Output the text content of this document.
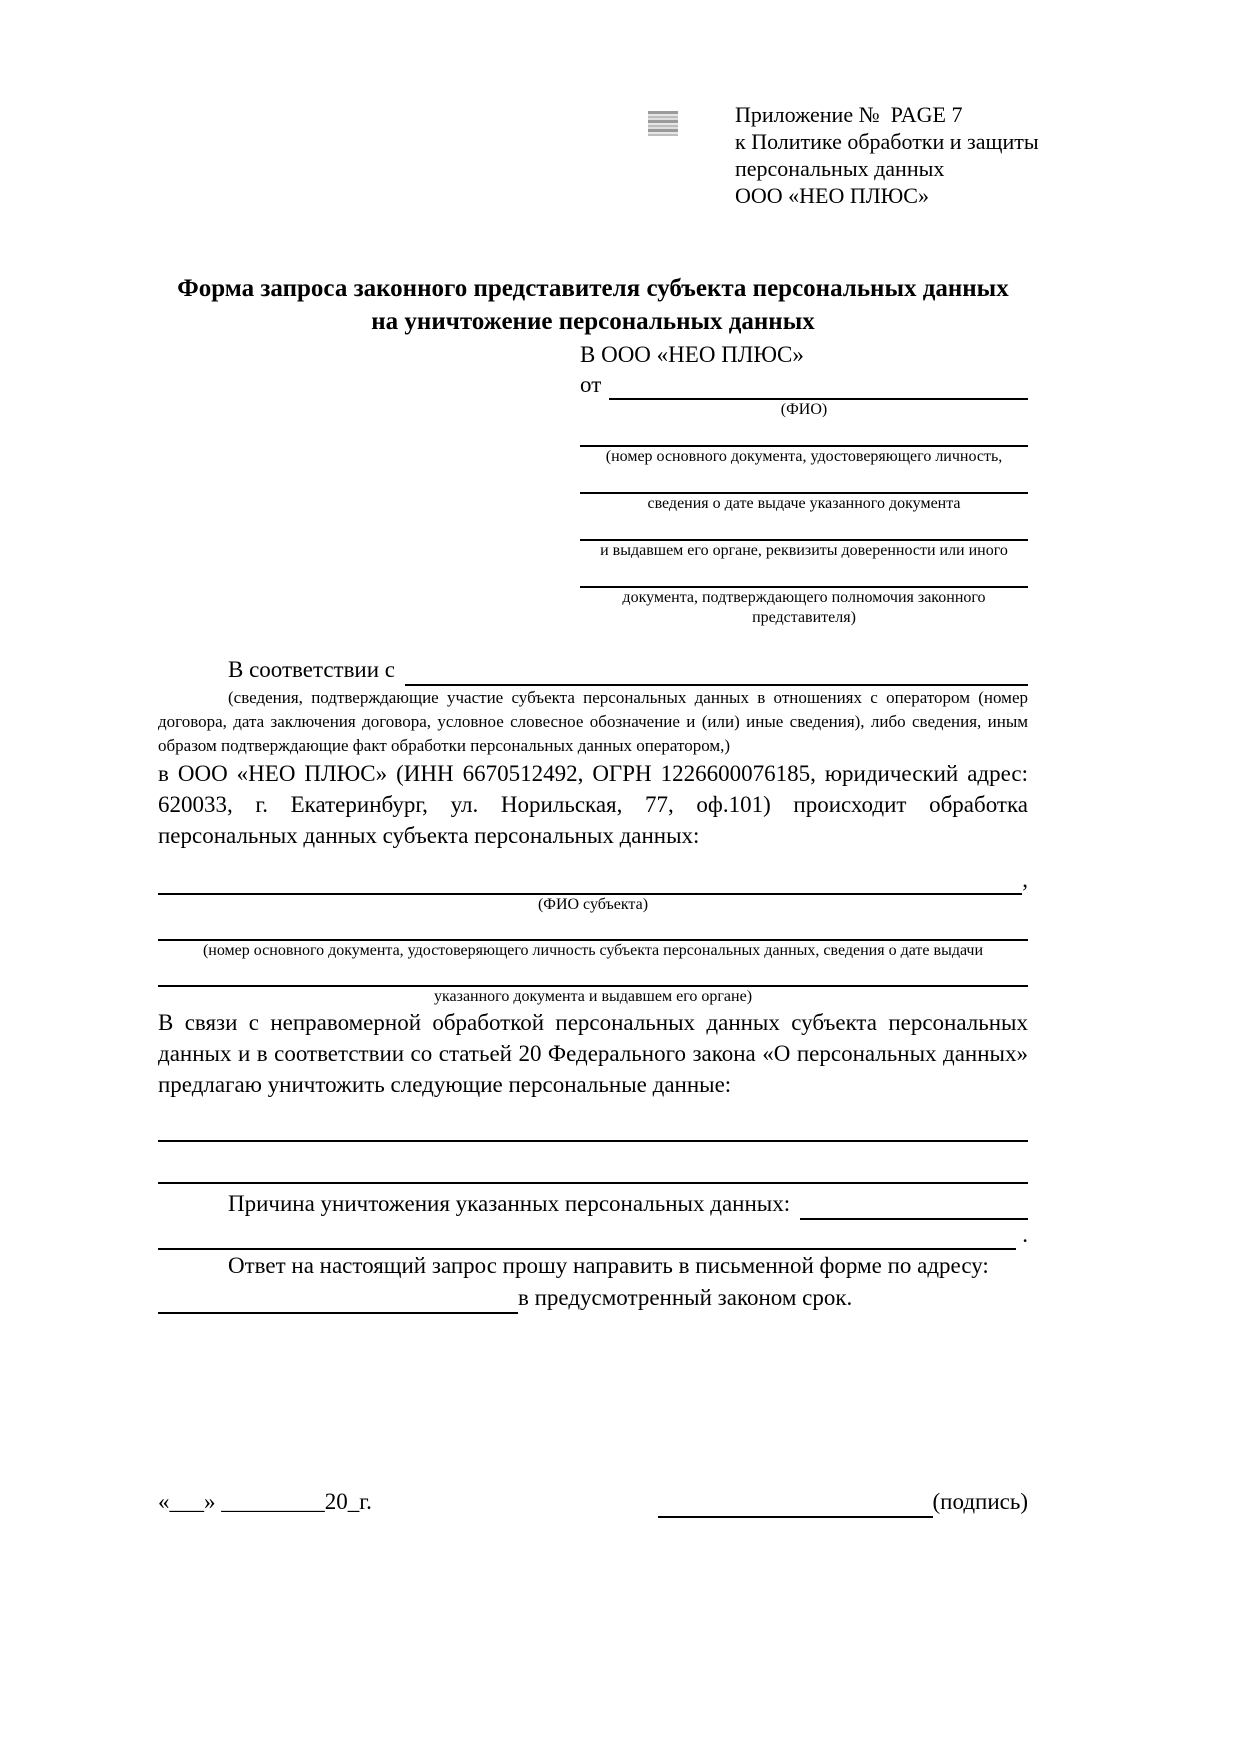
Приложение №  PAGE 7
к Политике обработки и защиты
персональных данных
ООО «НЕО ПЛЮС»
Форма запроса законного представителя субъекта персональных данных
на уничтожение персональных данных
В ООО «НЕО ПЛЮС»
от
(ФИО)
(номер основного документа, удостоверяющего личность,
сведения о дате выдаче указанного документа
и выдавшем его органе, реквизиты доверенности или иного
документа, подтверждающего полномочия законного представителя)
В соответствии с
(сведения, подтверждающие участие субъекта персональных данных в отношениях с оператором (номер договора, дата заключения договора, условное словесное обозначение и (или) иные сведения), либо сведения, иным образом подтверждающие факт обработки персональных данных оператором,)
в ООО «НЕО ПЛЮС» (ИНН 6670512492, ОГРН 1226600076185, юридический адрес: 620033, г. Екатеринбург, ул. Норильская, 77, оф.101) происходит обработка персональных данных субъекта персональных данных:
,
(ФИО субъекта)
(номер основного документа, удостоверяющего личность субъекта персональных данных, сведения о дате выдачи
указанного документа и выдавшем его органе)
В связи с неправомерной обработкой персональных данных субъекта персональных данных и в соответствии со статьей 20 Федерального закона «О персональных данных» предлагаю уничтожить следующие персональные данные:
Причина уничтожения указанных персональных данных:
.
Ответ на настоящий запрос прошу направить в письменной форме по адресу:
в предусмотренный законом срок.
«___» _________20_г.	(подпись)
